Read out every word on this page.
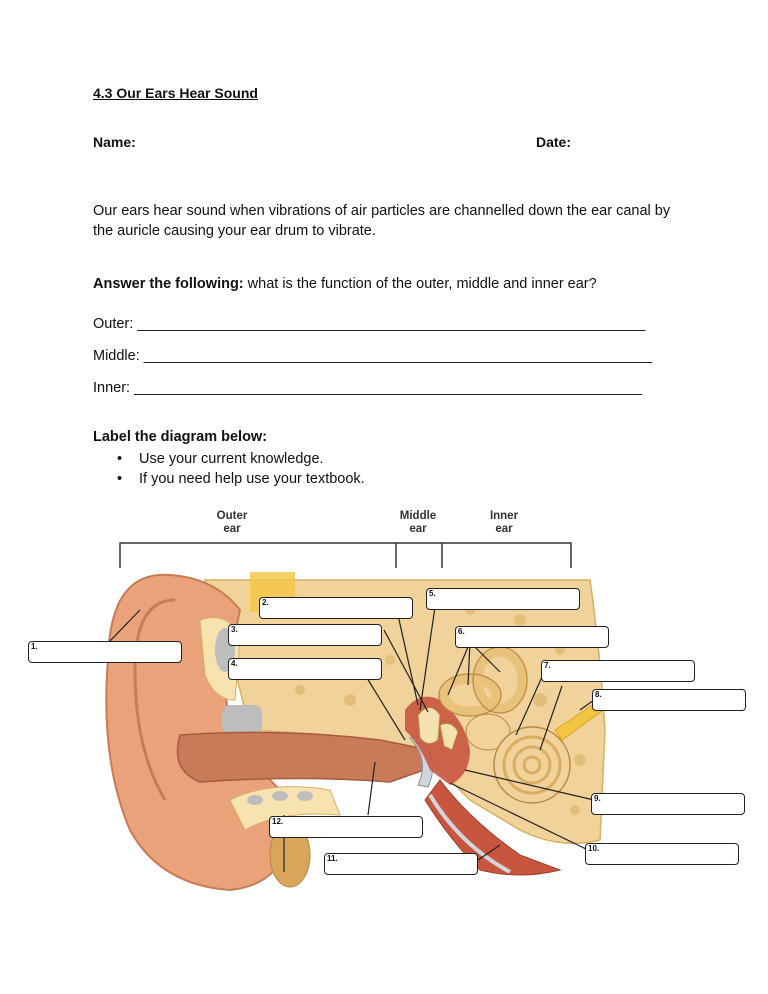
4.3 Our Ears Hear Sound
Name:	Date:
Our ears hear sound when vibrations of air particles are channelled down the ear canal by the auricle causing your ear drum to vibrate.
Answer the following: what is the function of the outer, middle and inner ear?
Outer: _______________________________________________________________
Middle: _______________________________________________________________
Inner: _______________________________________________________________
Label the diagram below:
• Use your current knowledge.
• If you need help use your textbook.
Outer
ear
Middle
ear
Inner
ear
1.
2.
3.
4.
5.
6.
7.
8.
9.
10.
11.
12.
